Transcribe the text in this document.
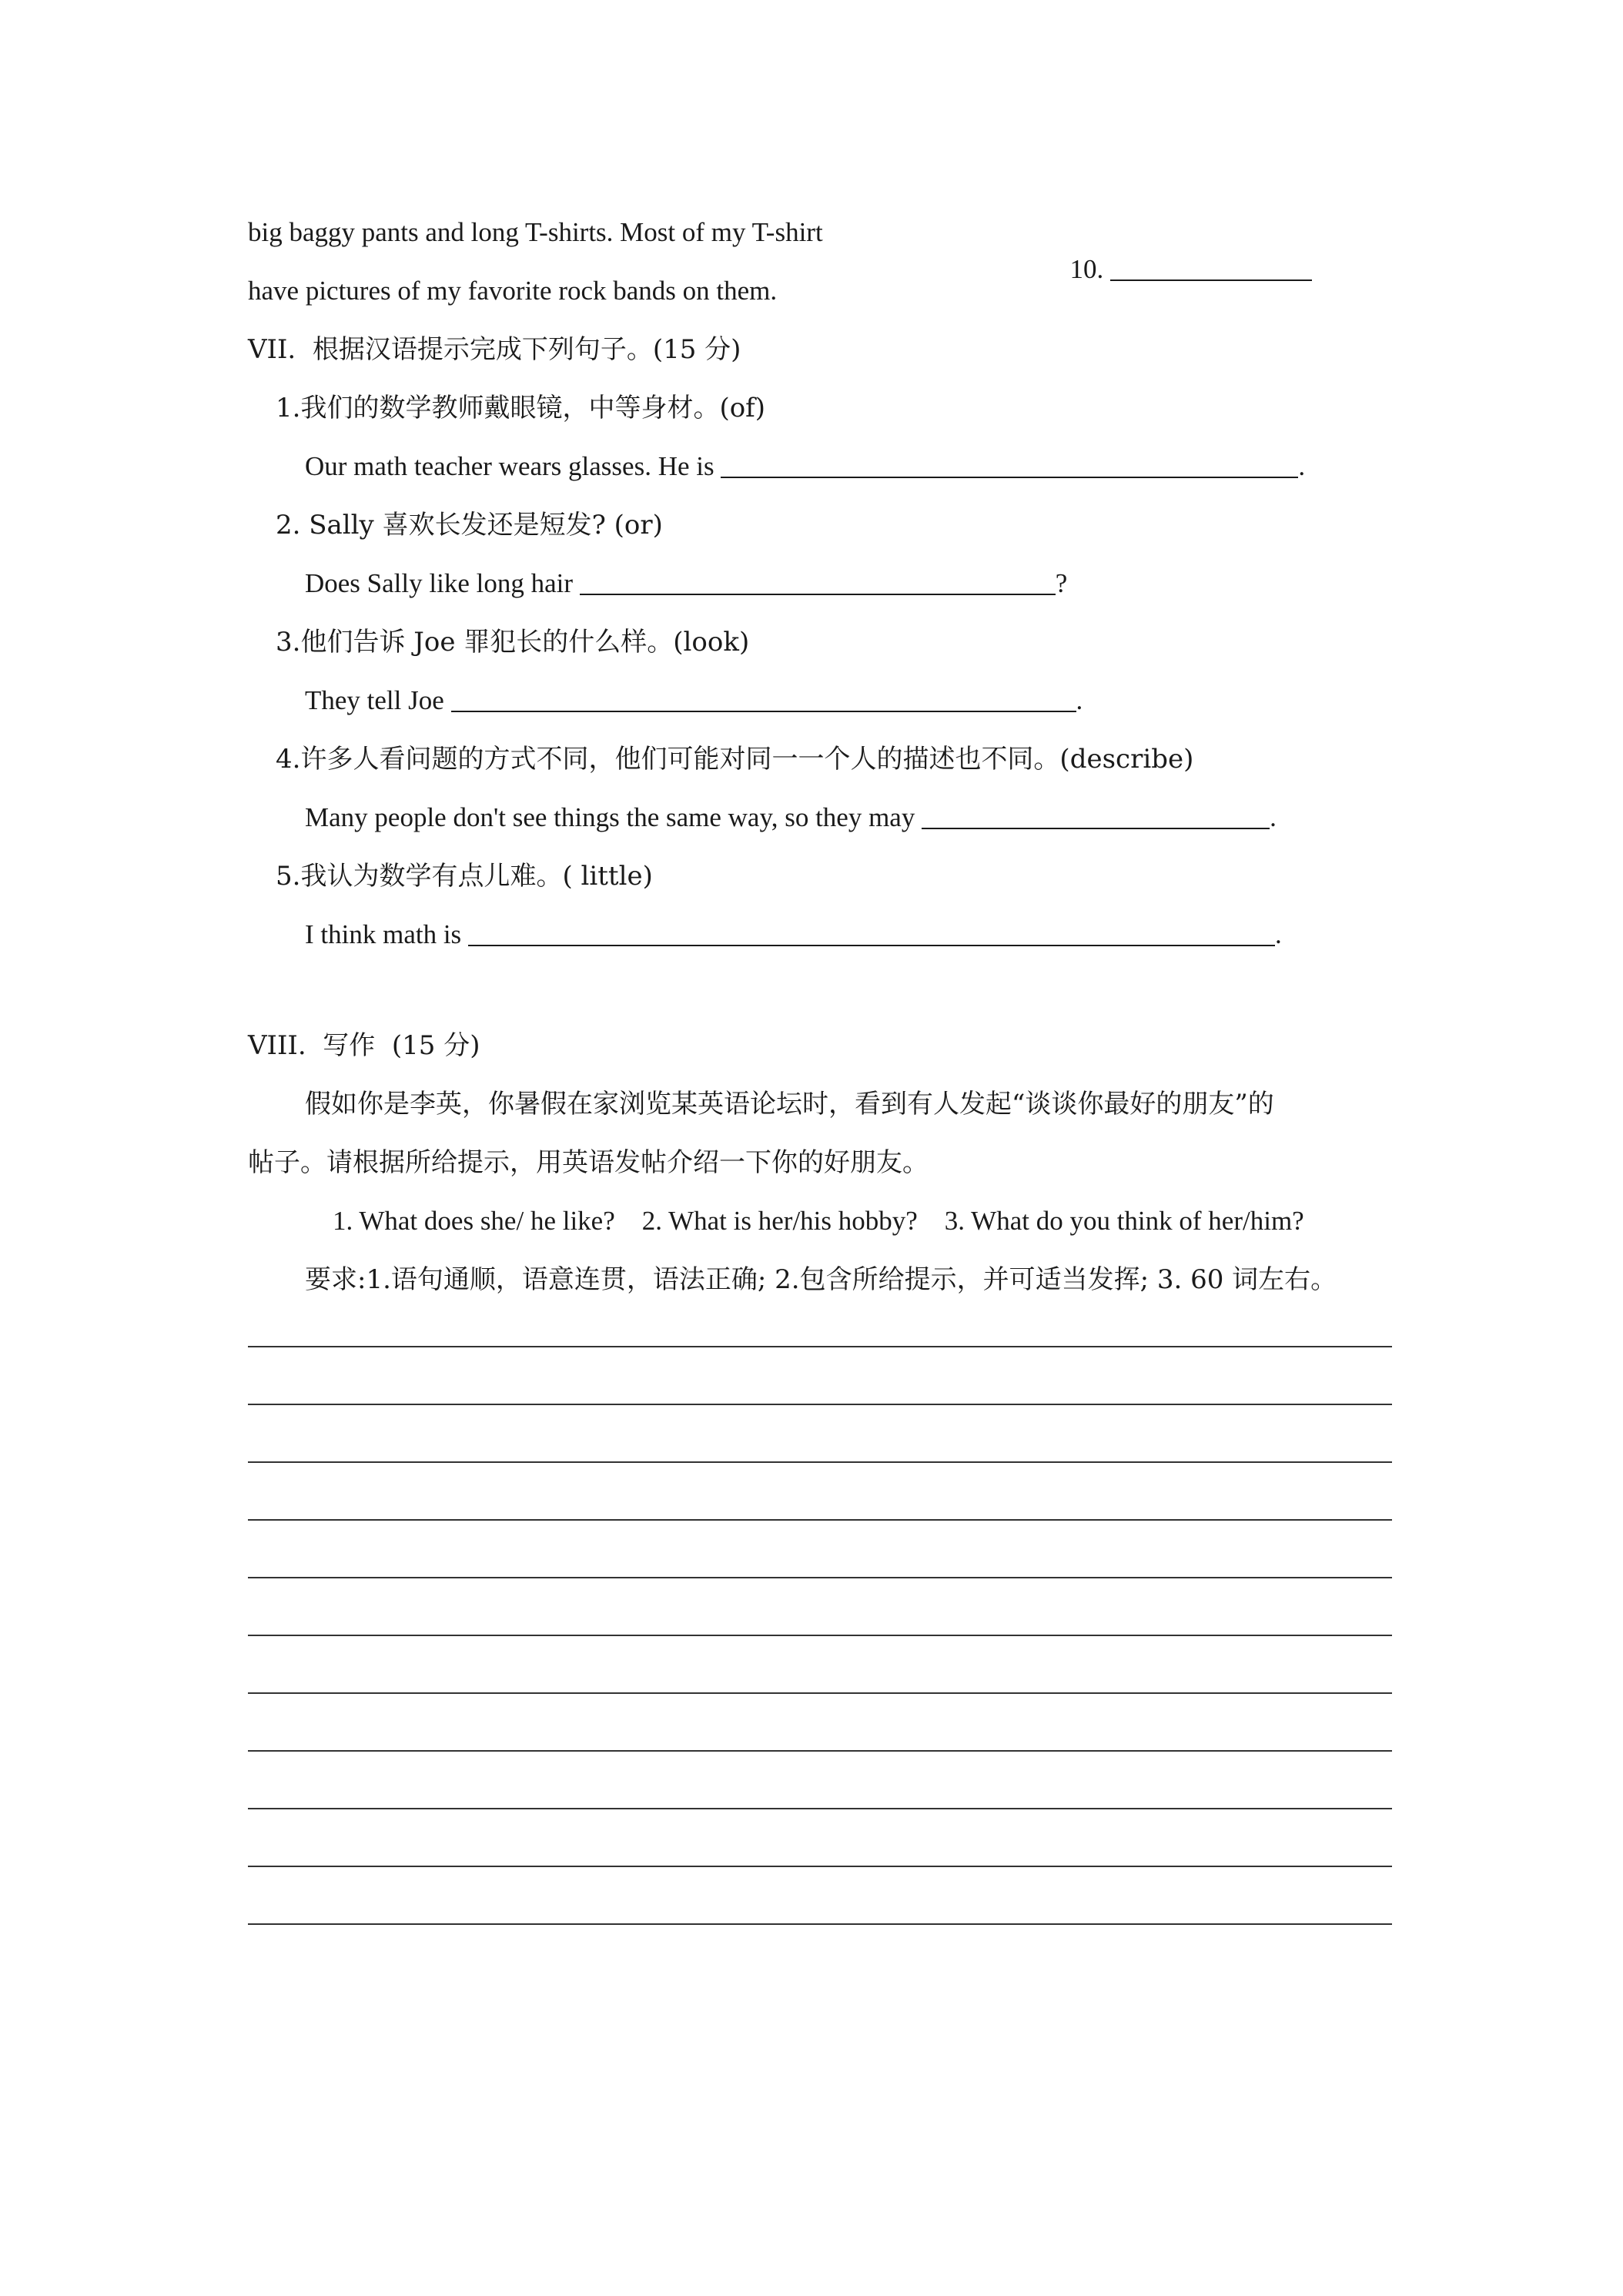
big baggy pants and long T-shirts. Most of my T-shirt

10.

have pictures of my favorite rock bands on them.
VII.  根据汉语提示完成下列句子。(15 分)
1.我们的数学教师戴眼镜，中等身材。(of)
Our math teacher wears glasses. He is	.
2. Sally 喜欢长发还是短发? (or)
Does Sally like long hair	?
3.他们告诉 Joe 罪犯长的什么样。(look)
They tell Joe	.
4.许多人看问题的方式不同，他们可能对同一一个人的描述也不同。(describe)
Many people don't see things the same way, so they may	.
5.我认为数学有点儿难。( little)
I think math is	.
VIII.  写作  (15 分)
假如你是李英，你暑假在家浏览某英语论坛时，看到有人发起“谈谈你最好的朋友”的
帖子。请根据所给提示，用英语发帖介绍一下你的好朋友。
1. What does she/ he like?    2. What is her/his hobby?    3. What do you think of her/him?
要求:1.语句通顺，语意连贯，语法正确; 2.包含所给提示，并可适当发挥; 3. 60 词左右。
